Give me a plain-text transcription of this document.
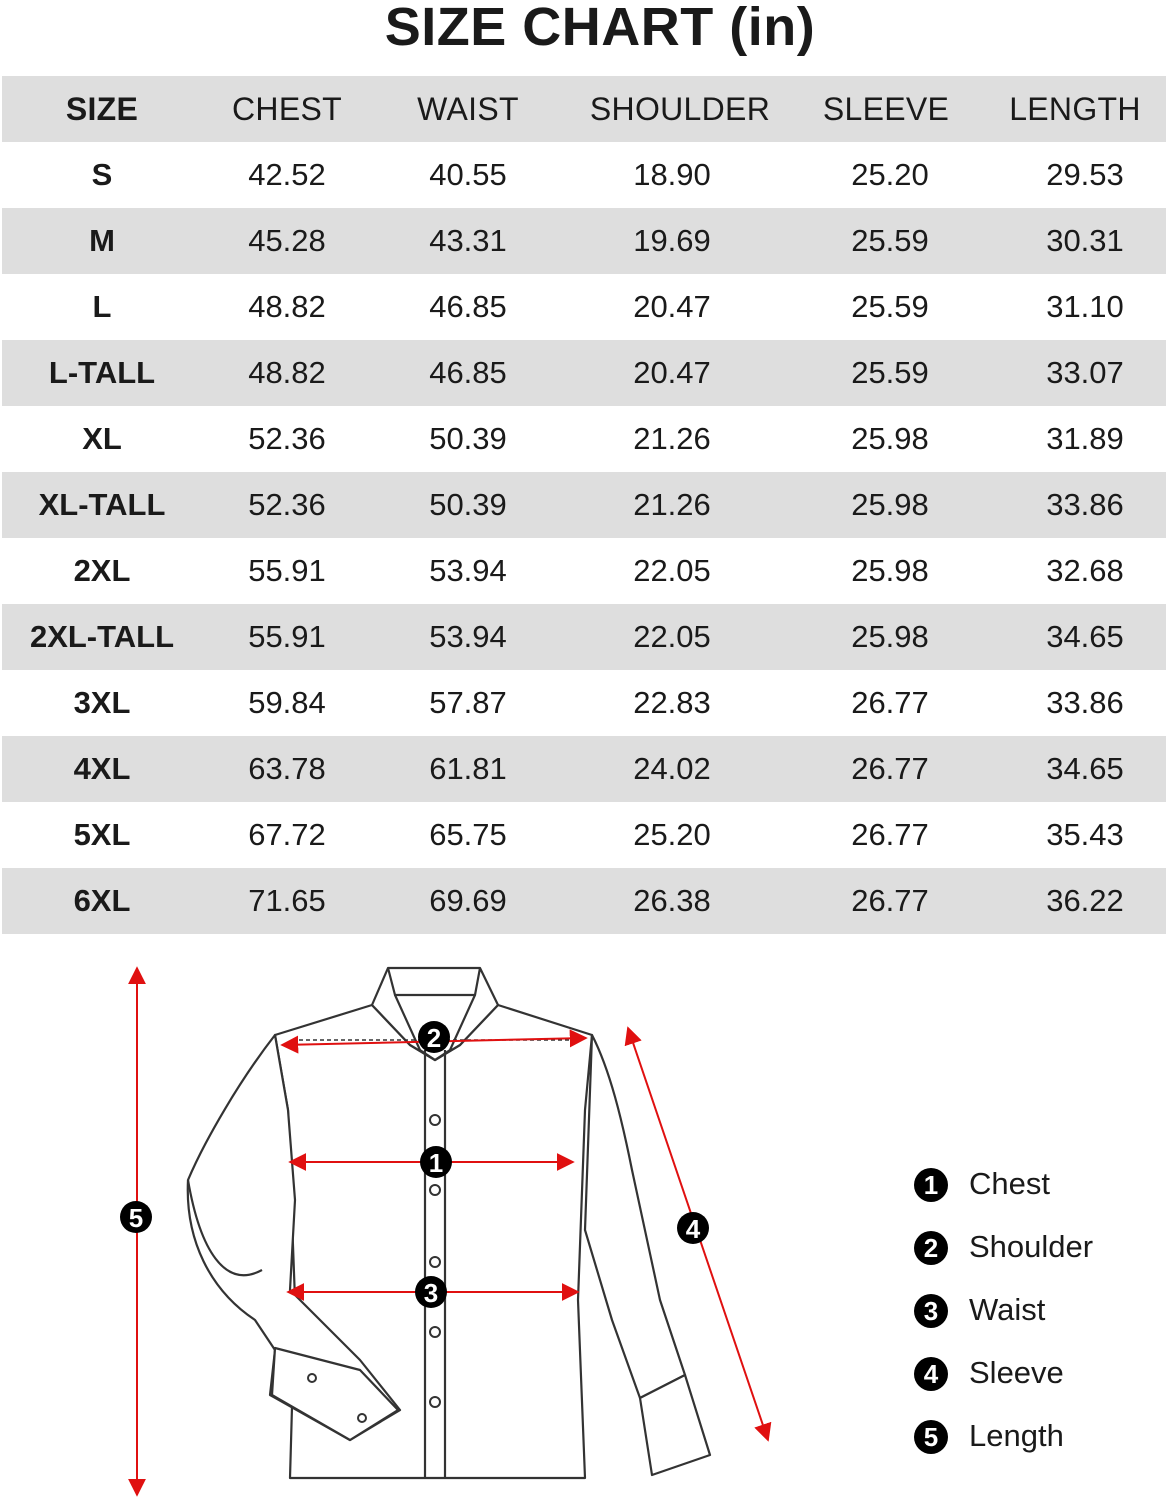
SIZE CHART (in)
SIZE	CHEST	WAIST	SHOULDER	SLEEVE	LENGTH
S	42.52	40.55	18.90	25.20	29.53
M	45.28	43.31	19.69	25.59	30.31
L	48.82	46.85	20.47	25.59	31.10
L-TALL	48.82	46.85	20.47	25.59	33.07
XL	52.36	50.39	21.26	25.98	31.89
XL-TALL	52.36	50.39	21.26	25.98	33.86
2XL	55.91	53.94	22.05	25.98	32.68
2XL-TALL	55.91	53.94	22.05	25.98	34.65
3XL	59.84	57.87	22.83	26.77	33.86
4XL	63.78	61.81	24.02	26.77	34.65
5XL	67.72	65.75	25.20	26.77	35.43
6XL	71.65	69.69	26.38	26.77	36.22
1
2
3
4
5
1 Chest
2 Shoulder
3 Waist
4 Sleeve
5 Length
